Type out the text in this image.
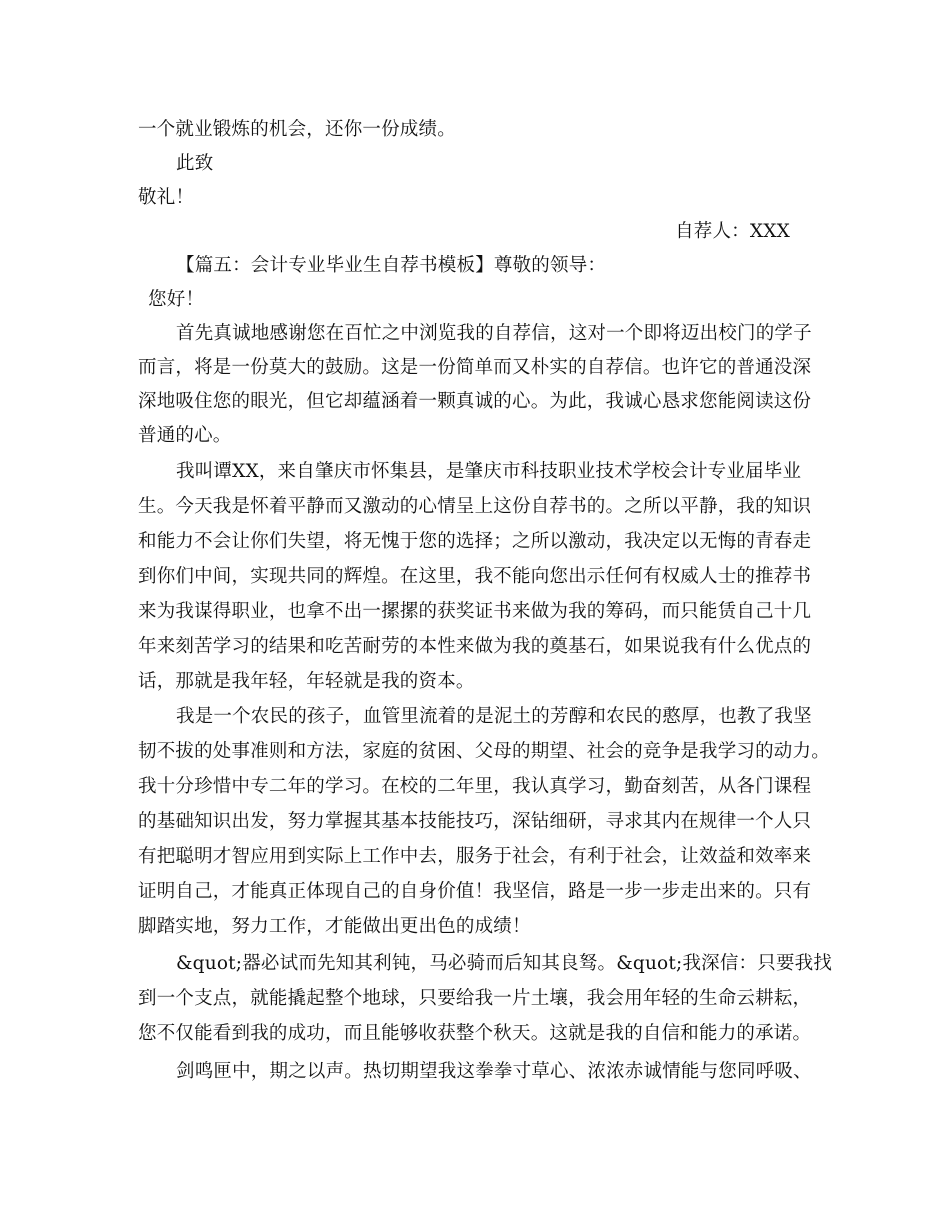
一个就业锻炼的机会，还你一份成绩。
此致
敬礼！
自荐人：XXX
【篇五：会计专业毕业生自荐书模板】尊敬的领导：
您好！
首先真诚地感谢您在百忙之中浏览我的自荐信，这对一个即将迈出校门的学子
而言，将是一份莫大的鼓励。这是一份简单而又朴实的自荐信。也许它的普通没深
深地吸住您的眼光，但它却蕴涵着一颗真诚的心。为此，我诚心恳求您能阅读这份
普通的心。
我叫谭XX，来自肇庆市怀集县，是肇庆市科技职业技术学校会计专业届毕业
生。今天我是怀着平静而又激动的心情呈上这份自荐书的。之所以平静，我的知识
和能力不会让你们失望，将无愧于您的选择；之所以激动，我决定以无悔的青春走
到你们中间，实现共同的辉煌。在这里，我不能向您出示任何有权威人士的推荐书
来为我谋得职业，也拿不出一摞摞的获奖证书来做为我的筹码，而只能赁自己十几
年来刻苦学习的结果和吃苦耐劳的本性来做为我的奠基石，如果说我有什么优点的
话，那就是我年轻，年轻就是我的资本。
我是一个农民的孩子，血管里流着的是泥土的芳醇和农民的憨厚，也教了我坚
韧不拔的处事准则和方法，家庭的贫困、父母的期望、社会的竞争是我学习的动力。
我十分珍惜中专二年的学习。在校的二年里，我认真学习，勤奋刻苦，从各门课程
的基础知识出发，努力掌握其基本技能技巧，深钻细研，寻求其内在规律一个人只
有把聪明才智应用到实际上工作中去，服务于社会，有利于社会，让效益和效率来
证明自己，才能真正体现自己的自身价值！我坚信，路是一步一步走出来的。只有
脚踏实地，努力工作，才能做出更出色的成绩！
&quot;器必试而先知其利钝，马必骑而后知其良驽。&quot;我深信：只要我找
到一个支点，就能撬起整个地球，只要给我一片土壤，我会用年轻的生命云耕耘，
您不仅能看到我的成功，而且能够收获整个秋天。这就是我的自信和能力的承诺。
剑鸣匣中，期之以声。热切期望我这拳拳寸草心、浓浓赤诚情能与您同呼吸、
